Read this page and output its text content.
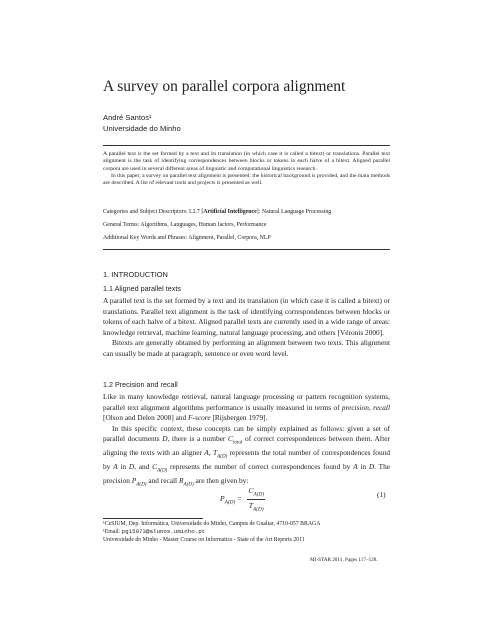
A survey on parallel corpora alignment
André Santos¹
Universidade do Minho

A parallel text is the set formed by a text and its translation (in which case it is called a bitext) or translations. Parallel text alignment is the task of identifying correspondences between blocks or tokens in each halve of a bitext. Aligned parallel corpora are used in several different areas of linguistic and computational linguistics research.

In this paper, a survey on parallel text alignment is presented: the historical background is provided, and the main methods are described. A list of relevant tools and projects is presented as well.

Categories and Subject Descriptors: I.2.7 [Artificial Intelligence]: Natural Language Processing
General Terms: Algorithms, Languages, Human factors, Performance
Additional Key Words and Phrases: Alignment, Parallel, Corpora, NLP
1. INTRODUCTION
1.1 Aligned parallel texts

A parallel text is the set formed by a text and its translation (in which case it is called a bitext) or translations. Parallel text alignment is the task of identifying correspondences between blocks or tokens of each halve of a bitext. Aligned parallel texts are currently used in a wide range of areas: knowledge retrieval, machine learning, natural language processing, and others [Véronis 2000].

Bitexts are generally obtained by performing an alignment between two texts. This alignment can usually be made at paragraph, sentence or even word level.

1.2 Precision and recall

Like in many knowledge retrieval, natural language processing or pattern recognition systems, parallel text alignment algorithms performance is usually measured in terms of precision, recall [Olson and Delen 2008] and F-score [Rijsbergen 1979].

In this specific context, these concepts can be simply explained as follows: given a set of parallel documents D, there is a number $C_{total}$ of correct correspondences between them. After aligning the texts with an aligner A, $T_{A(D)}$ represents the total number of correspondences found by A in D, and $C_{A(D)}$ represents the number of correct correspondences found by A in D. The precision $P_{A(D)}$ and recall $R_{A(D)}$ are then given by:

$P_{A(D)} = \frac{C_{A(D)}}{T_{A(D)}}$	(1)
¹CeSIUM, Dep. Informática, Universidade do Minho, Campus de Gualtar, 4710-057 BRAGA
¹Email: pg15973@alunos.uminho.pt
Universidade do Minho - Master Course on Informatics - State of the Art Reports 2011
MI-STAR 2011, Pages 117–128.
